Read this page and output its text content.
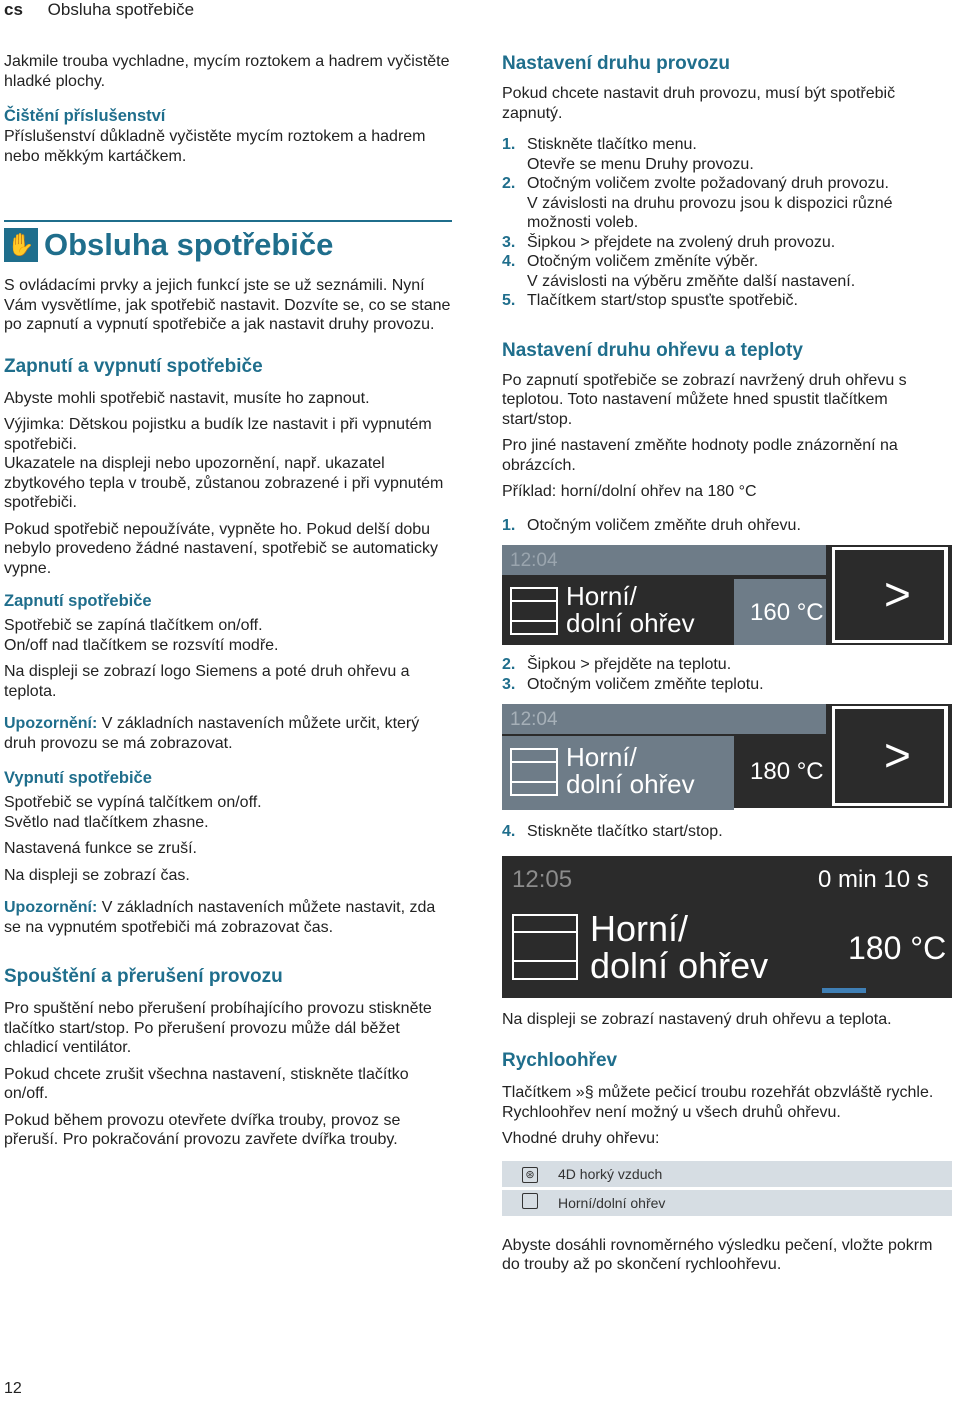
cs Obsluha spotřebiče

Jakmile trouba vychladne, mycím roztokem a hadrem vyčistěte hladké plochy.

Čištění příslušenství

Příslušenství důkladně vyčistěte mycím roztokem a hadrem nebo měkkým kartáčkem.

✋ Obsluha spotřebiče

S ovládacími prvky a jejich funkcí jste se už seznámili. Nyní Vám vysvětlíme, jak spotřebič nastavit. Dozvíte se, co se stane po zapnutí a vypnutí spotřebiče a jak nastavit druhy provozu.

Zapnutí a vypnutí spotřebiče

Abyste mohli spotřebič nastavit, musíte ho zapnout.

Výjimka: Dětskou pojistku a budík lze nastavit i při vypnutém spotřebiči.

Ukazatele na displeji nebo upozornění, např. ukazatel zbytkového tepla v troubě, zůstanou zobrazené i při vypnutém spotřebiči.

Pokud spotřebič nepoužíváte, vypněte ho. Pokud delší dobu nebylo provedeno žádné nastavení, spotřebič se automaticky vypne.

Zapnutí spotřebiče

Spotřebič se zapíná tlačítkem on/off.

On/off nad tlačítkem se rozsvítí modře.

Na displeji se zobrazí logo Siemens a poté druh ohřevu a teplota.

Upozornění: V základních nastaveních můžete určit, který druh provozu se má zobrazovat.

Vypnutí spotřebiče

Spotřebič se vypíná talčítkem on/off.

Světlo nad tlačítkem zhasne.

Nastavená funkce se zruší.

Na displeji se zobrazí čas.

Upozornění: V základních nastaveních můžete nastavit, zda se na vypnutém spotřebiči má zobrazovat čas.

Spouštění a přerušení provozu

Pro spuštění nebo přerušení probíhajícího provozu stiskněte tlačítko start/stop. Po přerušení provozu může dál běžet chladicí ventilátor.

Pokud chcete zrušit všechna nastavení, stiskněte tlačítko on/off.

Pokud během provozu otevřete dvířka trouby, provoz se přeruší. Pro pokračování provozu zavřete dvířka trouby.

Nastavení druhu provozu

Pokud chcete nastavit druh provozu, musí být spotřebič zapnutý.

1. Stiskněte tlačítko menu.
Otevře se menu Druhy provozu.
2. Otočným voličem zvolte požadovaný druh provozu.
V závislosti na druhu provozu jsou k dispozici různé možnosti voleb.
3. Šipkou > přejdete na zvolený druh provozu.
4. Otočným voličem změníte výběr.
V závislosti na výběru změňte další nastavení.
5. Tlačítkem start/stop spusťte spotřebič.
Nastavení druhu ohřevu a teploty

Po zapnutí spotřebiče se zobrazí navržený druh ohřevu s teplotou. Toto nastavení můžete hned spustit tlačítkem start/stop.

Pro jiné nastavení změňte hodnoty podle znázornění na obrázcích.

Příklad: horní/dolní ohřev na 180 °C

1. Otočným voličem změňte druh ohřevu.
12:04
Horní/
dolní ohřev 160 °C >
2. Šipkou > přejděte na teplotu.
3. Otočným voličem změňte teplotu.
12:04
Horní/
dolní ohřev 180 °C >
4. Stiskněte tlačítko start/stop.
12:05	0 min 10 s
Horní/
dolní ohřev 180 °C

Na displeji se zobrazí nastavený druh ohřevu a teplota.

Rychloohřev

Tlačítkem »§ můžete pečicí troubu rozehřát obzvláště rychle.

Rychloohřev není možný u všech druhů ohřevu.

Vhodné druhy ohřevu:

⊛	4D horký vzduch
	Horní/dolní ohřev

Abyste dosáhli rovnoměrného výsledku pečení, vložte pokrm do trouby až po skončení rychloohřevu.

12
